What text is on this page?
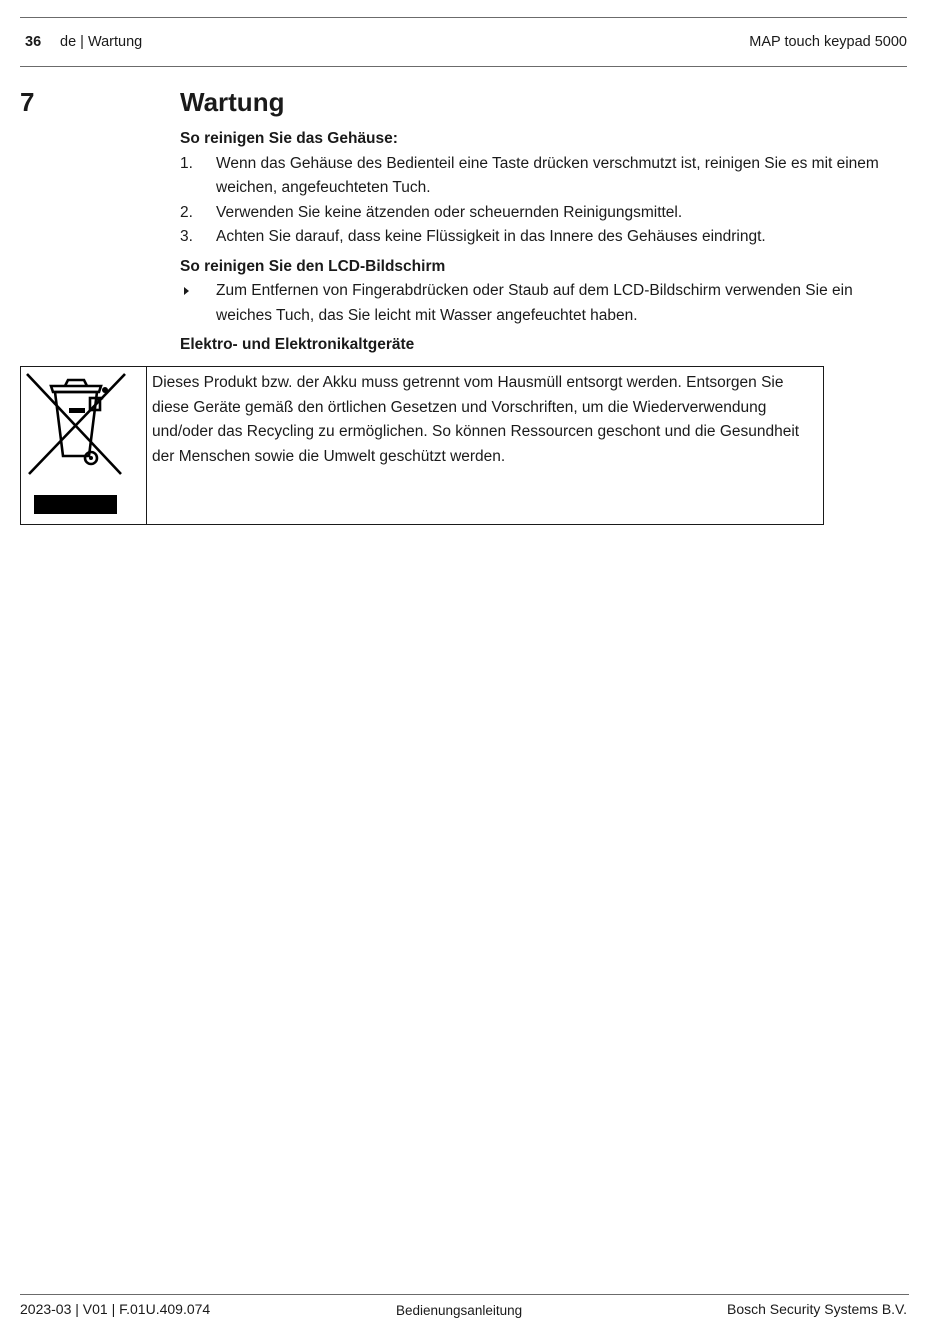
36 de | Wartung	MAP touch keypad 5000
7	Wartung

So reinigen Sie das Gehäuse:

1. Wenn das Gehäuse des Bedienteil eine Taste drücken verschmutzt ist, reinigen Sie es mit einem weichen, angefeuchteten Tuch.
2. Verwenden Sie keine ätzenden oder scheuernden Reinigungsmittel.
3. Achten Sie darauf, dass keine Flüssigkeit in das Innere des Gehäuses eindringt.

So reinigen Sie den LCD-Bildschirm

Zum Entfernen von Fingerabdrücken oder Staub auf dem LCD-Bildschirm verwenden Sie ein weiches Tuch, das Sie leicht mit Wasser angefeuchtet haben.

Elektro- und Elektronikaltgeräte

Dieses Produkt bzw. der Akku muss getrennt vom Hausmüll entsorgt werden. Entsorgen Sie diese Geräte gemäß den örtlichen Gesetzen und Vorschriften, um die Wiederverwendung und/oder das Recycling zu ermöglichen. So können Ressourcen geschont und die Gesundheit der Menschen sowie die Umwelt geschützt werden.
2023-03 | V01 | F.01U.409.074	Bedienungsanleitung	Bosch Security Systems B.V.
